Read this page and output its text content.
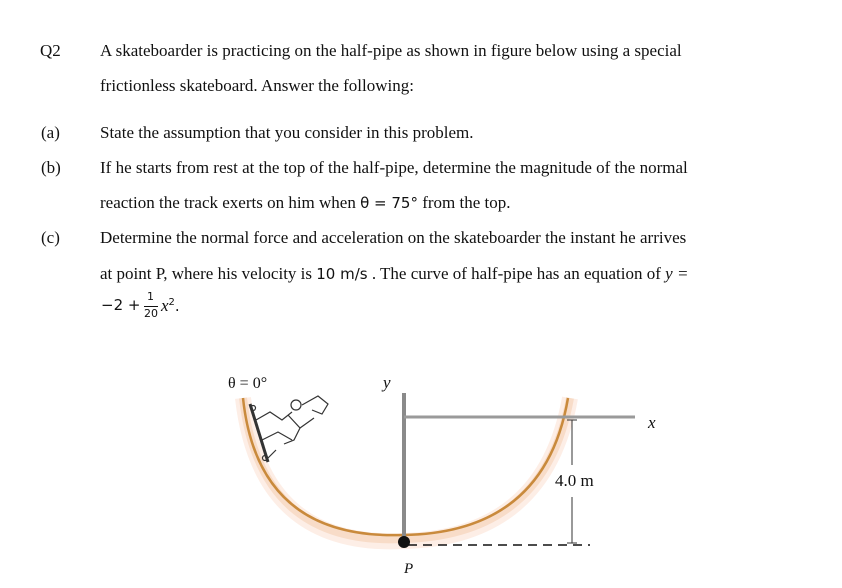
Q2 A skateboarder is practicing on the half-pipe as shown in figure below using a special
frictionless skateboard. Answer the following:
(a) State the assumption that you consider in this problem.
(b) If he starts from rest at the top of the half-pipe, determine the magnitude of the normal
reaction the track exerts on him when θ = 75° from the top.
(c) Determine the normal force and acceleration on the skateboarder the instant he arrives
at point P, where his velocity is 10 m/s . The curve of half-pipe has an equation of y =
−2 + 1
20 $x^2$.
θ = 0°	y
x
4.0 m
P
